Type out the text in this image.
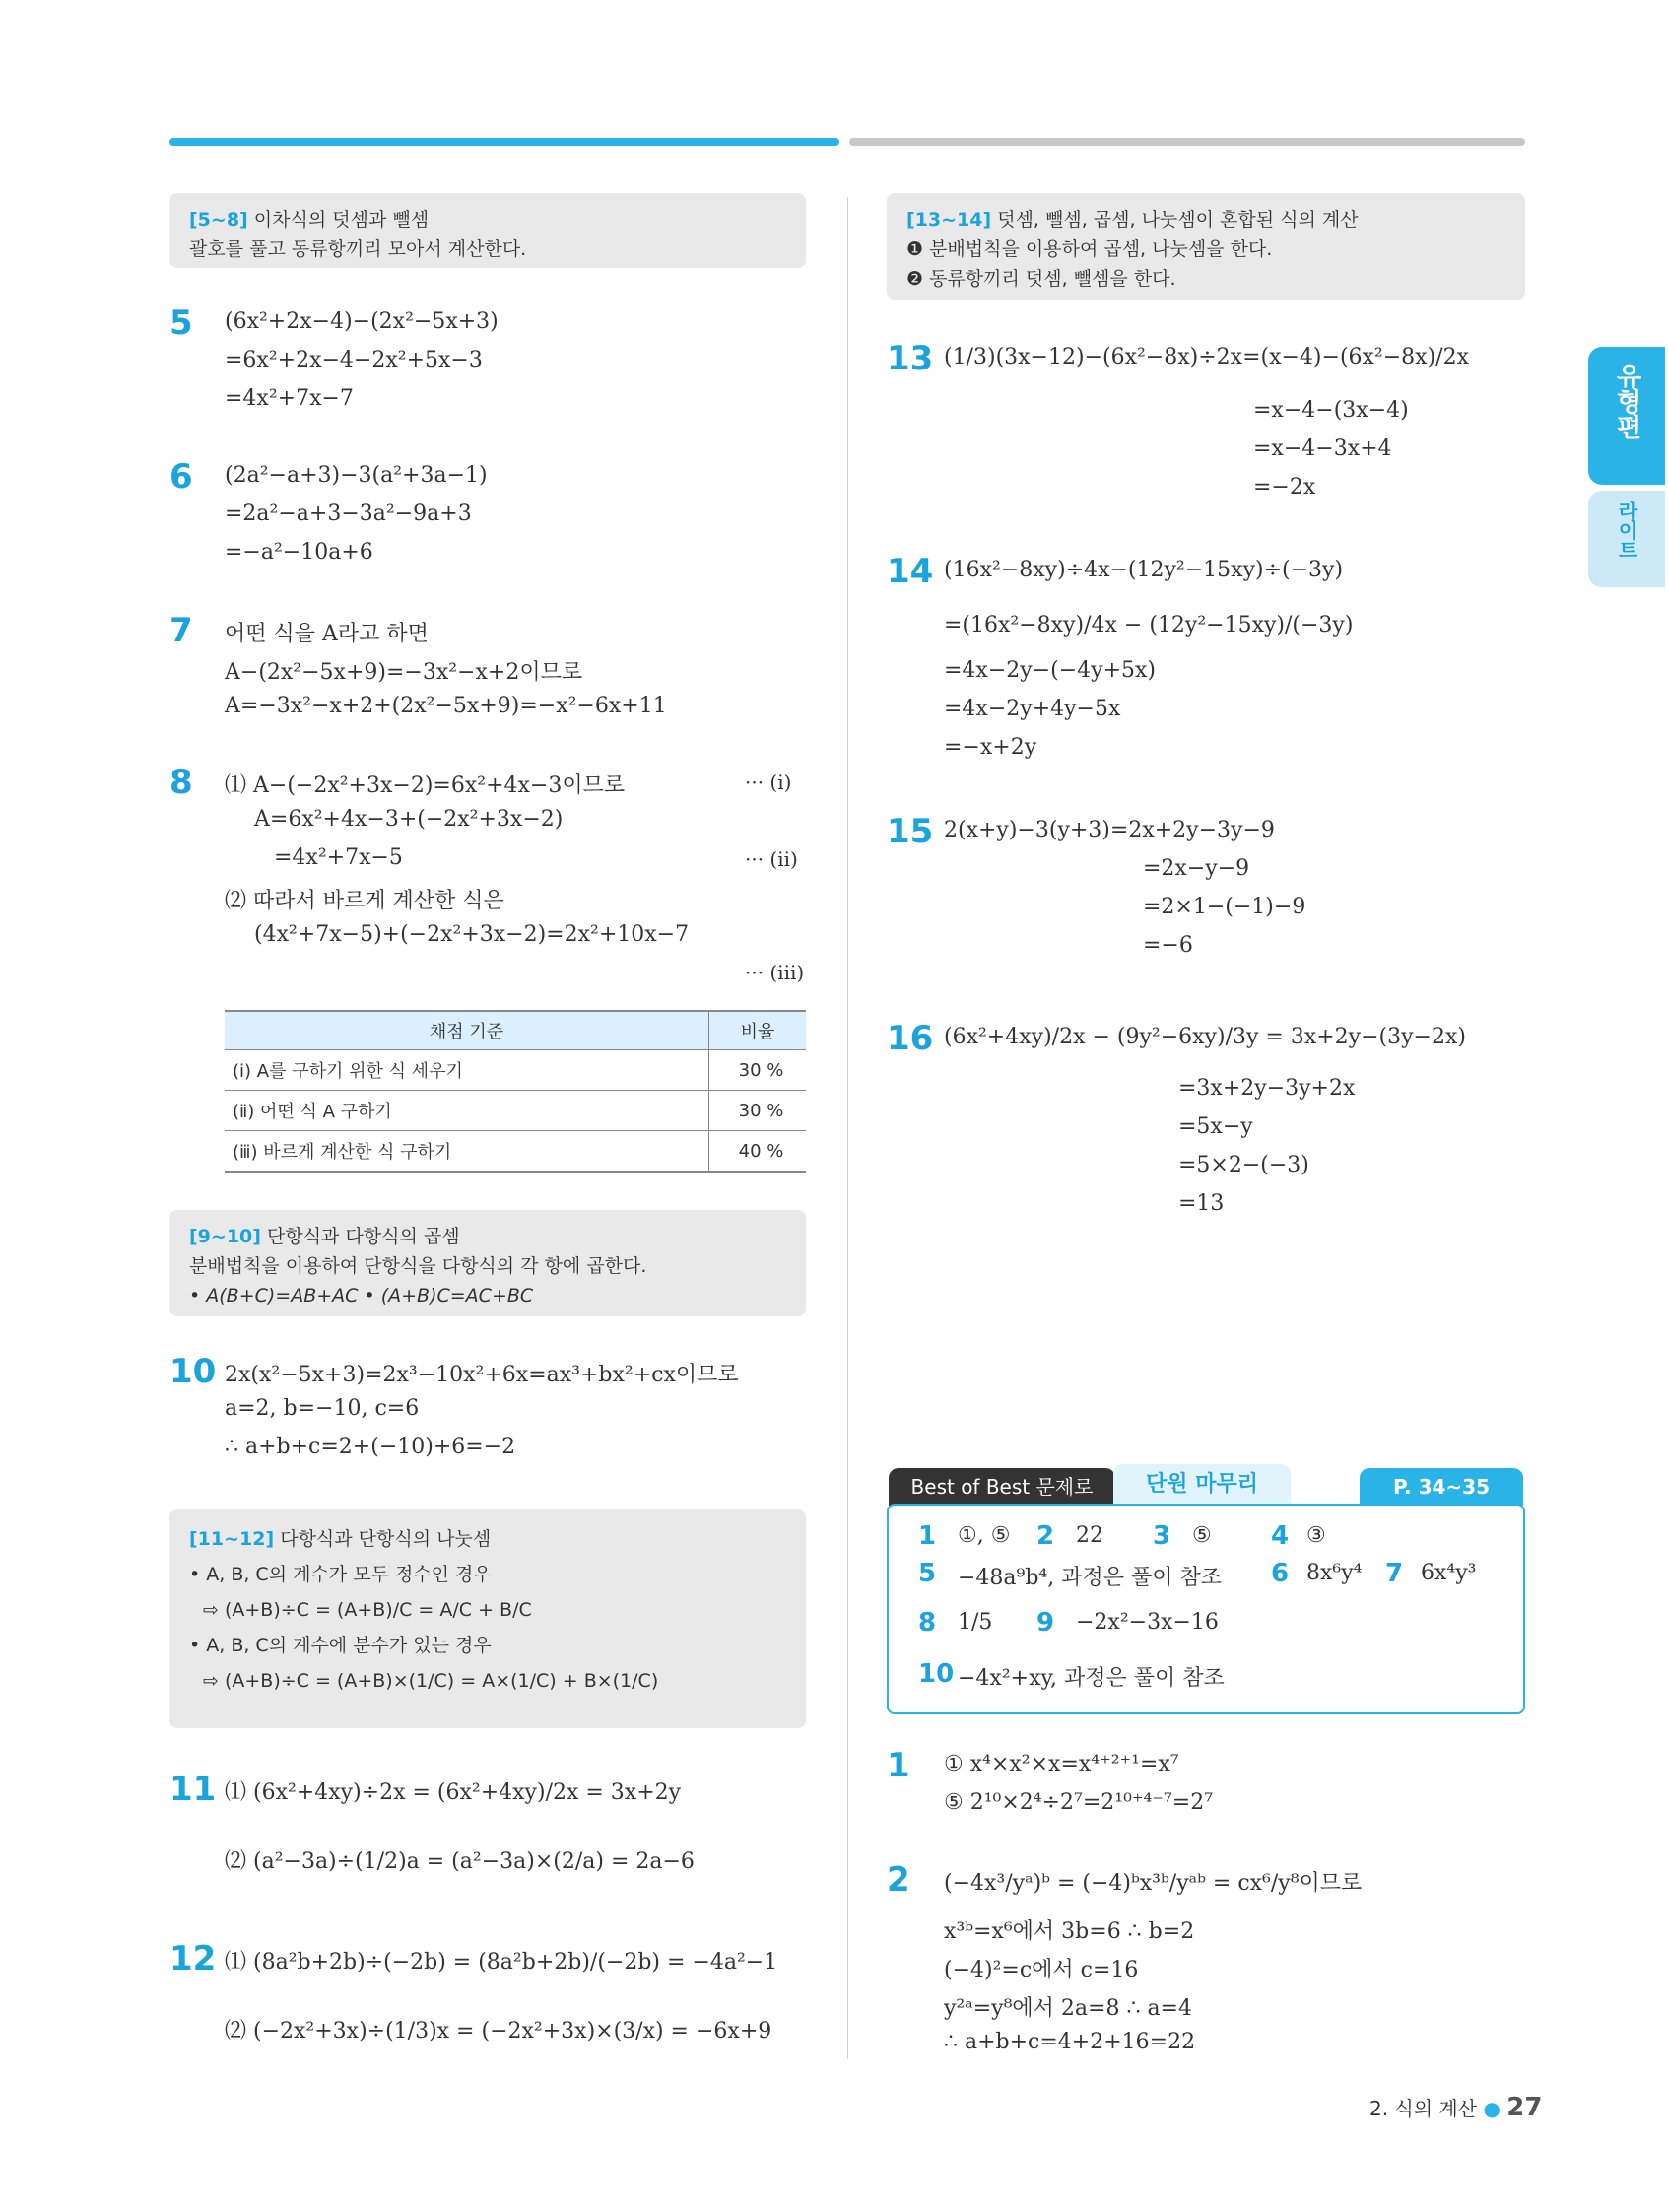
유형편
라이트
[5~8] 이차식의 덧셈과 뺄셈
괄호를 풀고 동류항끼리 모아서 계산한다.
5 (6x²+2x−4)−(2x²−5x+3)
=6x²+2x−4−2x²+5x−3
=4x²+7x−7
6 (2a²−a+3)−3(a²+3a−1)
=2a²−a+3−3a²−9a+3
=−a²−10a+6
7 어떤 식을 A라고 하면
A−(2x²−5x+9)=−3x²−x+2이므로
A=−3x²−x+2+(2x²−5x+9)=−x²−6x+11
8 ⑴ A−(−2x²+3x−2)=6x²+4x−3이므로	··· (ⅰ)
A=6x²+4x−3+(−2x²+3x−2)
=4x²+7x−5	··· (ⅱ)
⑵ 따라서 바르게 계산한 식은
(4x²+7x−5)+(−2x²+3x−2)=2x²+10x−7
··· (ⅲ)
채점 기준	비율
(ⅰ) A를 구하기 위한 식 세우기	30 %
(ⅱ) 어떤 식 A 구하기	30 %
(ⅲ) 바르게 계산한 식 구하기	40 %
[9~10] 단항식과 다항식의 곱셈
분배법칙을 이용하여 단항식을 다항식의 각 항에 곱한다.
• A(B+C)=AB+AC • (A+B)C=AC+BC
10 2x(x²−5x+3)=2x³−10x²+6x=ax³+bx²+cx이므로
a=2, b=−10, c=6
∴ a+b+c=2+(−10)+6=−2
[11~12] 다항식과 단항식의 나눗셈
• A, B, C의 계수가 모두 정수인 경우
⇨ (A+B)÷C = (A+B)/C = A/C + B/C
• A, B, C의 계수에 분수가 있는 경우
⇨ (A+B)÷C = (A+B)×(1/C) = A×(1/C) + B×(1/C)
11 ⑴ (6x²+4xy)÷2x = (6x²+4xy)/2x = 3x+2y
⑵ (a²−3a)÷(1/2)a = (a²−3a)×(2/a) = 2a−6
12 ⑴ (8a²b+2b)÷(−2b) = (8a²b+2b)/(−2b) = −4a²−1
⑵ (−2x²+3x)÷(1/3)x = (−2x²+3x)×(3/x) = −6x+9
[13~14] 덧셈, 뺄셈, 곱셈, 나눗셈이 혼합된 식의 계산
❶ 분배법칙을 이용하여 곱셈, 나눗셈을 한다.
❷ 동류항끼리 덧셈, 뺄셈을 한다.
13 (1/3)(3x−12)−(6x²−8x)÷2x=(x−4)−(6x²−8x)/2x
=x−4−(3x−4)
=x−4−3x+4
=−2x
14 (16x²−8xy)÷4x−(12y²−15xy)÷(−3y)
=(16x²−8xy)/4x − (12y²−15xy)/(−3y)
=4x−2y−(−4y+5x)
=4x−2y+4y−5x
=−x+2y
15 2(x+y)−3(y+3)=2x+2y−3y−9
=2x−y−9
=2×1−(−1)−9
=−6
16 (6x²+4xy)/2x − (9y²−6xy)/3y = 3x+2y−(3y−2x)
=3x+2y−3y+2x
=5x−y
=5×2−(−3)
=13
Best of Best 문제로	단원 마무리	P. 34~35
1 ①, ⑤ 2 22 3 ⑤ 4 ③
5 −48a⁹b⁴, 과정은 풀이 참조 6 8x⁶y⁴ 7 6x⁴y³
8 1/5 9 −2x²−3x−16
10 −4x²+xy, 과정은 풀이 참조
1 ① x⁴×x²×x=x⁴⁺²⁺¹=x⁷
⑤ 2¹⁰×2⁴÷2⁷=2¹⁰⁺⁴⁻⁷=2⁷
2 (−4x³/yᵃ)ᵇ = (−4)ᵇx³ᵇ/yᵃᵇ = cx⁶/y⁸이므로
x³ᵇ=x⁶에서 3b=6 ∴ b=2
(−4)²=c에서 c=16
y²ᵃ=y⁸에서 2a=8 ∴ a=4
∴ a+b+c=4+2+16=22
2. 식의 계산 ● 27
